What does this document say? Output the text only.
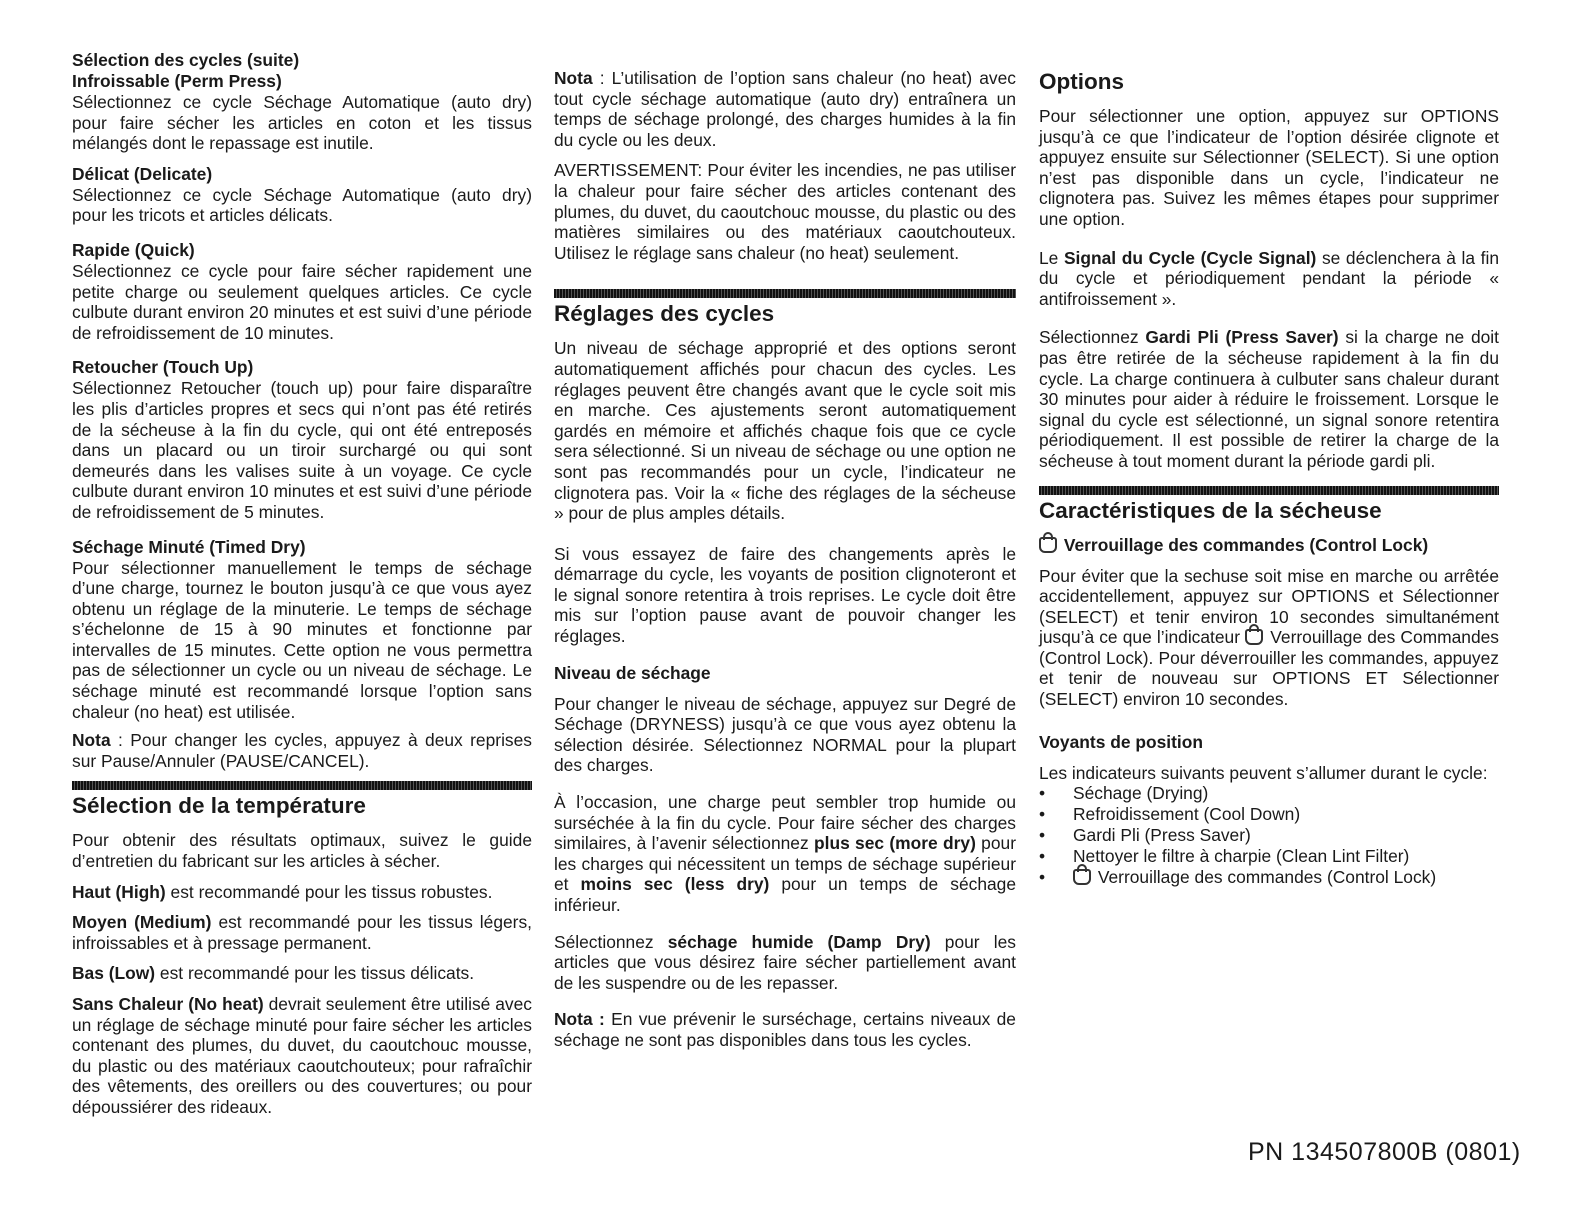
Sélection des cycles (suite)

Infroissable (Perm Press)

Sélectionnez ce cycle Séchage Automatique (auto dry) pour faire sécher les articles en coton et les tissus mélangés dont le repassage est inutile.

Délicat (Delicate)

Sélectionnez ce cycle Séchage Automatique (auto dry) pour les tricots et articles délicats.

Rapide (Quick)

Sélectionnez ce cycle pour faire sécher rapidement une petite charge ou seulement quelques articles. Ce cycle culbute durant environ 20 minutes et est suivi d’une période de refroidissement de 10 minutes.

Retoucher (Touch Up)

Sélectionnez Retoucher (touch up) pour faire disparaître les plis d’articles propres et secs qui n’ont pas été retirés de la sécheuse à la fin du cycle, qui ont été entreposés dans un placard ou un tiroir surchargé ou qui sont demeurés dans les valises suite à un voyage. Ce cycle culbute durant environ 10 minutes et est suivi d’une période de refroidissement de 5 minutes.

Séchage Minuté (Timed Dry)

Pour sélectionner manuellement le temps de séchage d’une charge, tournez le bouton jusqu’à ce que vous ayez obtenu un réglage de la minuterie. Le temps de séchage s’échelonne de 15 à 90 minutes et fonctionne par intervalles de 15 minutes. Cette option ne vous permettra pas de sélectionner un cycle ou un niveau de séchage. Le séchage minuté est recommandé lorsque l’option sans chaleur (no heat) est utilisée.

Nota : Pour changer les cycles, appuyez à deux reprises sur Pause/Annuler (PAUSE/CANCEL).

Sélection de la température

Pour obtenir des résultats optimaux, suivez le guide d’entretien du fabricant sur les articles à sécher.

Haut (High) est recommandé pour les tissus robustes.

Moyen (Medium) est recommandé pour les tissus légers, infroissables et à pressage permanent.

Bas (Low) est recommandé pour les tissus délicats.

Sans Chaleur (No heat) devrait seulement être utilisé avec un réglage de séchage minuté pour faire sécher les articles contenant des plumes, du duvet, du caoutchouc mousse, du plastic ou des matériaux caoutchouteux; pour rafraîchir des vêtements, des oreillers ou des couvertures; ou pour dépoussiérer des rideaux.

Nota : L’utilisation de l’option sans chaleur (no heat) avec tout cycle séchage automatique (auto dry) entraînera un temps de séchage prolongé, des charges humides à la fin du cycle ou les deux.

AVERTISSEMENT: Pour éviter les incendies, ne pas utiliser la chaleur pour faire sécher des articles contenant des plumes, du duvet, du caoutchouc mousse, du plastic ou des matières similaires ou des matériaux caoutchouteux. Utilisez le réglage sans chaleur (no heat) seulement.

Réglages des cycles

Un niveau de séchage approprié et des options seront automatiquement affichés pour chacun des cycles. Les réglages peuvent être changés avant que le cycle soit mis en marche. Ces ajustements seront automatiquement gardés en mémoire et affichés chaque fois que ce cycle sera sélectionné. Si un niveau de séchage ou une option ne sont pas recommandés pour un cycle, l’indicateur ne clignotera pas. Voir la « fiche des réglages de la sécheuse » pour de plus amples détails.

Si vous essayez de faire des changements après le démarrage du cycle, les voyants de position clignoteront et le signal sonore retentira à trois reprises. Le cycle doit être mis sur l’option pause avant de pouvoir changer les réglages.

Niveau de séchage

Pour changer le niveau de séchage, appuyez sur Degré de Séchage (DRYNESS) jusqu’à ce que vous ayez obtenu la sélection désirée. Sélectionnez NORMAL pour la plupart des charges.

À l’occasion, une charge peut sembler trop humide ou surséchée à la fin du cycle. Pour faire sécher des charges similaires, à l’avenir sélectionnez plus sec (more dry) pour les charges qui nécessitent un temps de séchage supérieur et moins sec (less dry) pour un temps de séchage inférieur.

Sélectionnez séchage humide (Damp Dry) pour les articles que vous désirez faire sécher partiellement avant de les suspendre ou de les repasser.

Nota : En vue prévenir le surséchage, certains niveaux de séchage ne sont pas disponibles dans tous les cycles.

Options

Pour sélectionner une option, appuyez sur OPTIONS jusqu’à ce que l’indicateur de l’option désirée clignote et appuyez ensuite sur Sélectionner (SELECT). Si une option n’est pas disponible dans un cycle, l’indicateur ne clignotera pas. Suivez les mêmes étapes pour supprimer une option.

Le Signal du Cycle (Cycle Signal) se déclenchera à la fin du cycle et périodiquement pendant la période « antifroissement ».

Sélectionnez Gardi Pli (Press Saver) si la charge ne doit pas être retirée de la sécheuse rapidement à la fin du cycle. La charge continuera à culbuter sans chaleur durant 30 minutes pour aider à réduire le froissement. Lorsque le signal du cycle est sélectionné, un signal sonore retentira périodiquement. Il est possible de retirer la charge de la sécheuse à tout moment durant la période gardi pli.

Caractéristiques de la sécheuse

Verrouillage des commandes (Control Lock)

Pour éviter que la sechuse soit mise en marche ou arrêtée accidentellement, appuyez sur OPTIONS et Sélectionner (SELECT) et tenir environ 10 secondes simultanément jusqu’à ce que l’indicateur  Verrouillage des Commandes (Control Lock). Pour déverrouiller les commandes, appuyez et tenir de nouveau sur OPTIONS ET Sélectionner (SELECT) environ 10 secondes.

Voyants de position

Les indicateurs suivants peuvent s’allumer durant le cycle:

• Séchage (Drying)
• Refroidissement (Cool Down)
• Gardi Pli (Press Saver)
• Nettoyer le filtre à charpie (Clean Lint Filter)
• Verrouillage des commandes (Control Lock)
PN 134507800B (0801)
